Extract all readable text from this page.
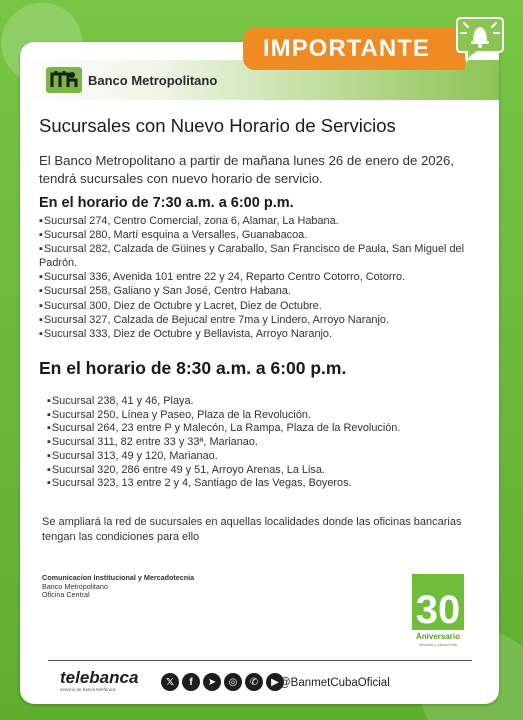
Banco Metropolitano
IMPORTANTE
Sucursales con Nuevo Horario de Servicios
El Banco Metropolitano a partir de mañana lunes 26 de enero de 2026, tendrá sucursales con nuevo horario de servicio.
En el horario de 7:30 a.m. a 6:00 p.m.
▪Sucursal 274, Centro Comercial, zona 6, Alamar, La Habana.
▪Sucursal 280, Martí esquina a Versalles, Guanabacoa.
▪Sucursal 282, Calzada de Güines y Caraballo, San Francisco de Paula, San Miguel del Padrón.
▪Sucursal 336, Avenida 101 entre 22 y 24, Reparto Centro Cotorro, Cotorro.
▪Sucursal 258, Galiano y San José, Centro Habana.
▪Sucursal 300, Diez de Octubre y Lacret, Diez de Octubre.
▪Sucursal 327, Calzada de Bejucal entre 7ma y Lindero, Arroyo Naranjo.
▪Sucursal 333, Diez de Octubre y Bellavista, Arroyo Naranjo.
En el horario de 8:30 a.m. a 6:00 p.m.
▪Sucursal 238, 41 y 46, Playa.
▪Sucursal 250, Línea y Paseo, Plaza de la Revolución.
▪Sucursal 264, 23 entre P y Malecón, La Rampa, Plaza de la Revolución.
▪Sucursal 311, 82 entre 33 y 33ª, Marianao.
▪Sucursal 313, 49 y 120, Marianao.
▪Sucursal 320, 286 entre 49 y 51, Arroyo Arenas, La Lisa.
▪Sucursal 323, 13 entre 2 y 4, Santiago de las Vegas, Boyeros.
Se ampliará la red de sucursales en aquellas localidades donde las oficinas bancarias tengan las condiciones para ello
Comunicacion Institucional y Mercadotecnia
Banco Metropolitano
Oficina Central	30
Aniversario
Servicios y Calidad Total
telebanca
servicio de banca telefónica
𝕏	f	➤	◎	✆	▶ @BanmetCubaOficial
